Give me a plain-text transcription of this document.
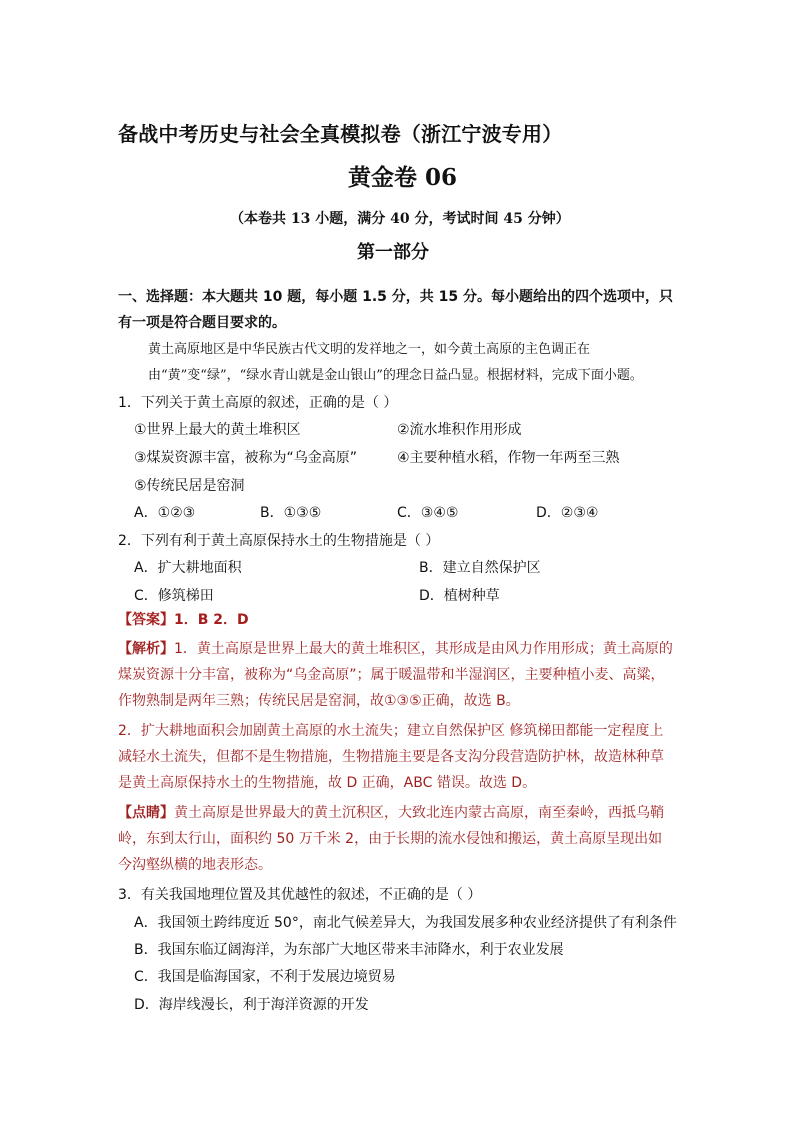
备战中考历史与社会全真模拟卷（浙江宁波专用）
黄金卷 06
（本卷共 13 小题，满分 40 分，考试时间 45 分钟）
第一部分
一、选择题：本大题共 10 题，每小题 1.5 分，共 15 分。每小题给出的四个选项中，只有一项是符合题目要求的。
黄土高原地区是中华民族古代文明的发祥地之一，如今黄土高原的主色调正在由“黄”变“绿”，“绿水青山就是金山银山”的理念日益凸显。根据材料，完成下面小题。
1．下列关于黄土高原的叙述，正确的是（ ）
①世界上最大的黄土堆积区	②流水堆积作用形成
③煤炭资源丰富，被称为“乌金高原”	④主要种植水稻，作物一年两至三熟
⑤传统民居是窑洞
A．①②③	B．①③⑤	C．③④⑤	D．②③④
2．下列有利于黄土高原保持水土的生物措施是（ ）
A．扩大耕地面积	B．建立自然保护区
C．修筑梯田	D．植树种草
【答案】1．B 2．D
【解析】1．黄土高原是世界上最大的黄土堆积区，其形成是由风力作用形成；黄土高原的煤炭资源十分丰富，被称为“乌金高原”；属于暖温带和半湿润区，主要种植小麦、高粱，作物熟制是两年三熟；传统民居是窑洞，故①③⑤正确，故选 B。
2．扩大耕地面积会加剧黄土高原的水土流失；建立自然保护区 修筑梯田都能一定程度上减轻水土流失，但都不是生物措施，生物措施主要是各支沟分段营造防护林，故造林种草是黄土高原保持水土的生物措施，故 D 正确，ABC 错误。故选 D。
【点睛】黄土高原是世界最大的黄土沉积区，大致北连内蒙古高原，南至秦岭，西抵乌鞘岭，东到太行山，面积约 50 万千米 2，由于长期的流水侵蚀和搬运，黄土高原呈现出如今沟壑纵横的地表形态。
3．有关我国地理位置及其优越性的叙述，不正确的是（ ）
A．我国领土跨纬度近 50°，南北气候差异大，为我国发展多种农业经济提供了有利条件
B．我国东临辽阔海洋，为东部广大地区带来丰沛降水，利于农业发展
C．我国是临海国家，不利于发展边境贸易
D．海岸线漫长，利于海洋资源的开发
